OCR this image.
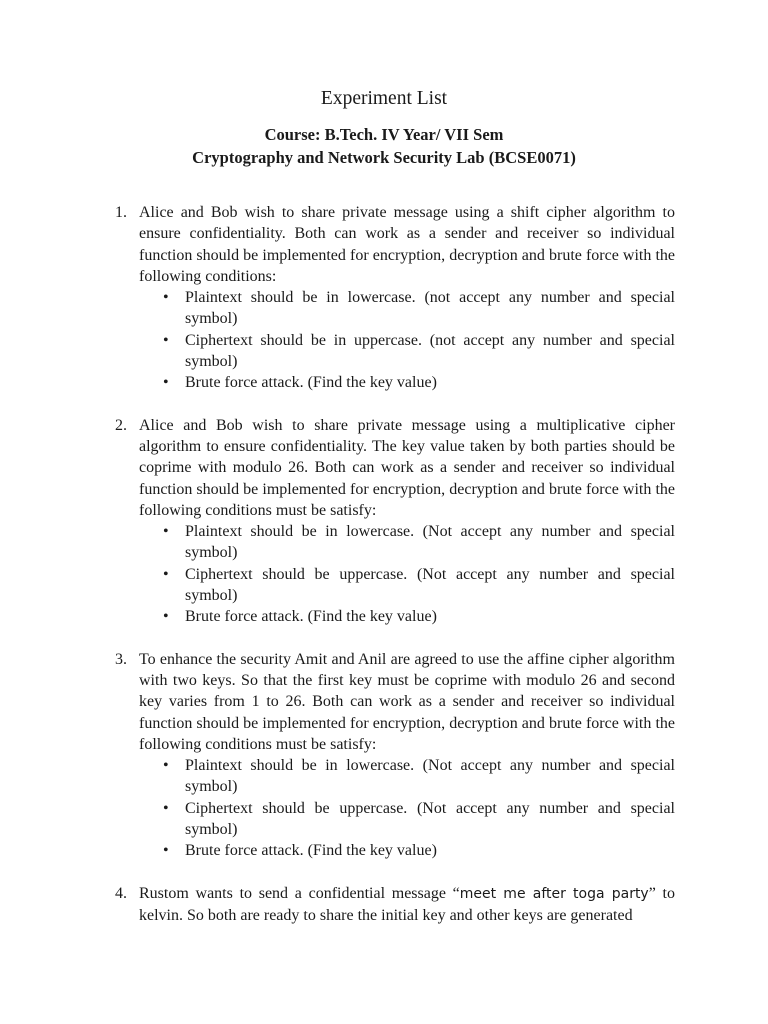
Experiment List

Course: B.Tech. IV Year/ VII Sem

Cryptography and Network Security Lab (BCSE0071)

1. Alice and Bob wish to share private message using a shift cipher algorithm to ensure confidentiality. Both can work as a sender and receiver so individual function should be implemented for encryption, decryption and brute force with the following conditions:

• Plaintext should be in lowercase. (not accept any number and special symbol)
• Ciphertext should be in uppercase. (not accept any number and special symbol)
• Brute force attack. (Find the key value)
2. Alice and Bob wish to share private message using a multiplicative cipher algorithm to ensure confidentiality. The key value taken by both parties should be coprime with modulo 26. Both can work as a sender and receiver so individual function should be implemented for encryption, decryption and brute force with the following conditions must be satisfy:

• Plaintext should be in lowercase. (Not accept any number and special symbol)
• Ciphertext should be uppercase. (Not accept any number and special symbol)
• Brute force attack. (Find the key value)
3. To enhance the security Amit and Anil are agreed to use the affine cipher algorithm with two keys. So that the first key must be coprime with modulo 26 and second key varies from 1 to 26. Both can work as a sender and receiver so individual function should be implemented for encryption, decryption and brute force with the following conditions must be satisfy:

• Plaintext should be in lowercase. (Not accept any number and special symbol)
• Ciphertext should be uppercase. (Not accept any number and special symbol)
• Brute force attack. (Find the key value)
4. Rustom wants to send a confidential message “meet me after toga party” to kelvin. So both are ready to share the initial key and other keys are generated
